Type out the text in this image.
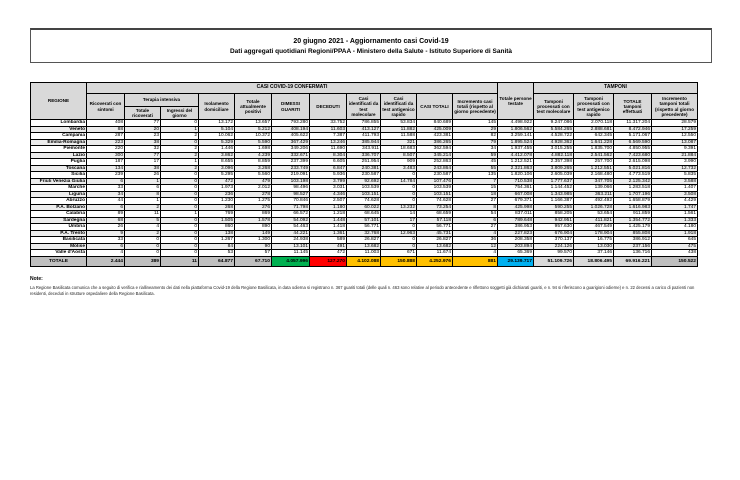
20 giugno 2021 - Aggiornamento casi Covid-19
Dati aggregati quotidiani Regioni/PPAA - Ministero della Salute - Istituto Superiore di Sanità
REGIONE	CASI COVID-19 CONFERMATI											Totale persone testate	TAMPONI			
	Ricoverati con sintomi	Terapia intensiva		Isolamento domiciliare	Totale attualmente positivi	DIMESSI GUARITI	DECEDUTI	Casi identificati da test molecolare	Casi identificati da test antigenico rapido	CASI TOTALI	Incremento casi totali (rispetto al giorno precedente)		Tamponi processati con test molecolare	Tamponi processati con test antigenico rapido	TOTALE tamponi effettuati	Incremento tamponi totali (rispetto al giorno precedente)
		Totale ricoverati	Ingressi del giorno													
Lombardia	408	77	0	13.172	13.657	793.280	33.752	786.855	53.834	840.689	145	4.498.922	9.247.086	2.070.118	11.317.204	28.579
Veneto	88	20	1	5.104	5.212	408.194	11.603	413.127	11.882	425.009	29	1.806.562	5.584.265	2.888.681	8.472.946	17.259
Campania	287	23	2	10.062	10.372	405.622	7.387	411.793	11.588	423.381	82	3.259.141	4.528.722	642.345	5.171.067	12.550
Emilia-Romagna	223	38	0	5.329	5.590	367.429	13.246	385.944	321	386.265	79	1.895.524	4.928.362	1.641.228	6.569.590	13.087
Piemonte	220	32	2	1.446	1.698	349.206	11.690	343.911	18.683	362.594	34	1.937.455	3.015.255	1.835.700	4.850.955	9.391
Lazio	300	77	2	3.862	4.239	332.671	8.304	336.707	8.507	345.214	59	4.412.078	4.882.118	2.541.562	7.423.680	21.884
Puglia	187	17	1	8.655	8.859	237.399	6.605	251.954	909	252.863	45	1.212.521	2.357.398	257.700	2.615.098	3.990
Toscana	134	38	2	3.096	3.268	233.749	6.847	240.381	3.483	243.864	55	2.321.863	3.809.265	1.212.551	5.021.816	12.732
Sicilia	239	26	0	5.295	5.560	219.091	5.936	230.587	0	230.587	135	1.820.106	2.605.039	2.168.480	4.773.519	5.835
Friuli Venezia Giulia	6	1	0	472	479	103.198	3.799	92.692	14.784	107.476	7	710.538	1.777.637	347.705	2.125.342	3.588
Marche	33	6	0	1.973	2.012	98.496	3.031	103.539	0	103.539	15	754.361	1.144.452	139.066	1.283.518	1.407
Liguria	34	8	0	236	278	98.527	4.346	103.151	0	103.151	18	667.008	1.343.985	363.211	1.707.196	3.508
Abruzzo	44	1	0	1.230	1.275	70.846	2.507	74.628	0	74.628	27	679.371	1.166.387	492.492	1.658.879	4.429
P.A. Bolzano	6	2	0	268	276	71.798	1.180	60.022	13.232	73.254	8	425.998	590.255	1.026.728	1.616.983	1.747
Calabria	89	11	1	769	869	66.572	1.218	68.645	14	68.659	54	837.011	858.205	53.654	911.859	1.561
Sardegna	68	5	0	1.505	1.578	54.092	1.448	57.101	17	57.118	6	789.648	942.951	411.821	1.354.772	1.333
Umbria	26	4	0	860	890	54.463	1.418	56.771	0	56.771	27	386.953	957.630	467.549	1.425.179	4.180
P.A. Trento	9	2	0	138	149	44.221	1.361	32.768	12.963	45.731	4	227.823	676.904	178.904	855.808	1.918
Basilicata	33	0	0	1.267	1.300	24.938	589	26.827	0	26.827	36	208.358	370.137	16.775	386.912	645
Molise	6	0	0	84	90	13.101	491	13.682	0	13.682	12	203.894	224.126	13.030	237.156	475
Valle d'Aosta	4	0	0	53	57	11.145	472	11.003	671	11.674	4	65.369	99.570	37.146	136.716	438
TOTALE	2.444	389	11	64.877	67.710	4.057.996	127.270	4.102.088	150.888	4.252.976	881	29.139.717	51.109.726	18.806.495	69.916.221	150.522
Note:
La Regione Basilicata comunica che a seguito di verifica e riallineamento dei dati nella piattaforma Covid-19 della Regione Basilicata, in data odierna si registrano n. 367 guariti totali (delle quali n. 463 sono relative al periodo antecedente e riflettono soggetti già dichiarati guariti, e n. 94 si riferiscono a guarigioni odierne) e n. 22 decessi a carico di pazienti non residenti, deceduti in strutture ospedaliere della Regione Basilicata.
